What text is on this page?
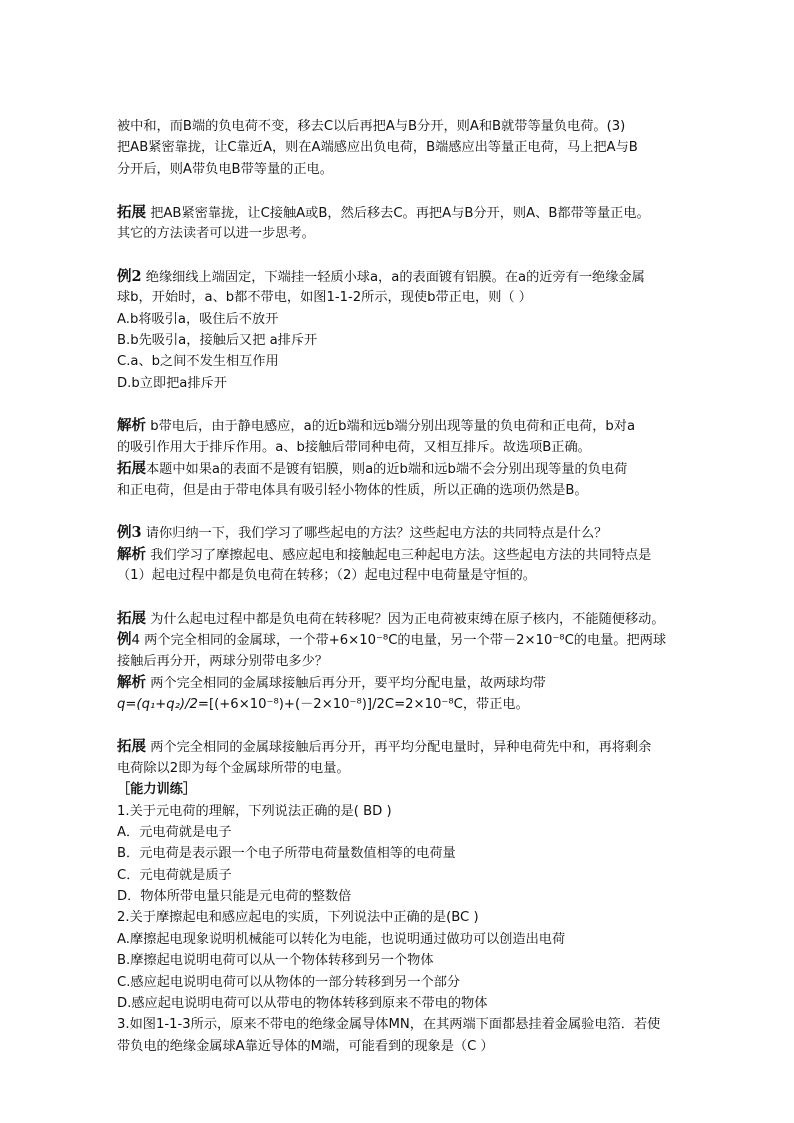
被中和，而B端的负电荷不变，移去C以后再把A与B分开，则A和B就带等量负电荷。(3)
把AB紧密靠拢，让C靠近A，则在A端感应出负电荷，B端感应出等量正电荷，马上把A与B
分开后，则A带负电B带等量的正电。
拓展 把AB紧密靠拢，让C接触A或B，然后移去C。再把A与B分开，则A、B都带等量正电。
其它的方法读者可以进一步思考。
例2 绝缘细线上端固定，下端挂一轻质小球a，a的表面镀有铝膜。在a的近旁有一绝缘金属
球b，开始时，a、b都不带电，如图1-1-2所示，现使b带正电，则（ ）
A.b将吸引a，吸住后不放开
B.b先吸引a，接触后又把 a排斥开
C.a、b之间不发生相互作用
D.b立即把a排斥开
解析 b带电后，由于静电感应，a的近b端和远b端分别出现等量的负电荷和正电荷，b对a
的吸引作用大于排斥作用。a、b接触后带同种电荷，又相互排斥。故选项B正确。
拓展本题中如果a的表面不是镀有铝膜，则a的近b端和远b端不会分别出现等量的负电荷
和正电荷，但是由于带电体具有吸引轻小物体的性质，所以正确的选项仍然是B。
例3 请你归纳一下，我们学习了哪些起电的方法？这些起电方法的共同特点是什么？
解析 我们学习了摩擦起电、感应起电和接触起电三种起电方法。这些起电方法的共同特点是
（1）起电过程中都是负电荷在转移；（2）起电过程中电荷量是守恒的。
拓展 为什么起电过程中都是负电荷在转移呢？因为正电荷被束缚在原子核内，不能随便移动。
例4 两个完全相同的金属球，一个带+6×10⁻⁸C的电量，另一个带－2×10⁻⁸C的电量。把两球
接触后再分开，两球分别带电多少？
解析 两个完全相同的金属球接触后再分开，要平均分配电量，故两球均带
q=(q₁+q₂)/2=[(+6×10⁻⁸)+(－2×10⁻⁸)]/2C=2×10⁻⁸C，带正电。
拓展 两个完全相同的金属球接触后再分开，再平均分配电量时，异种电荷先中和，再将剩余
电荷除以2即为每个金属球所带的电量。
［能力训练］
1.关于元电荷的理解，下列说法正确的是( BD )
A．元电荷就是电子
B．元电荷是表示跟一个电子所带电荷量数值相等的电荷量
C．元电荷就是质子
D．物体所带电量只能是元电荷的整数倍
2.关于摩擦起电和感应起电的实质，下列说法中正确的是(BC )
A.摩擦起电现象说明机械能可以转化为电能，也说明通过做功可以创造出电荷
B.摩擦起电说明电荷可以从一个物体转移到另一个物体
C.感应起电说明电荷可以从物体的一部分转移到另一个部分
D.感应起电说明电荷可以从带电的物体转移到原来不带电的物体
3.如图1-1-3所示，原来不带电的绝缘金属导体MN，在其两端下面都悬挂着金属验电箔．若使
带负电的绝缘金属球A靠近导体的M端，可能看到的现象是（C ）
